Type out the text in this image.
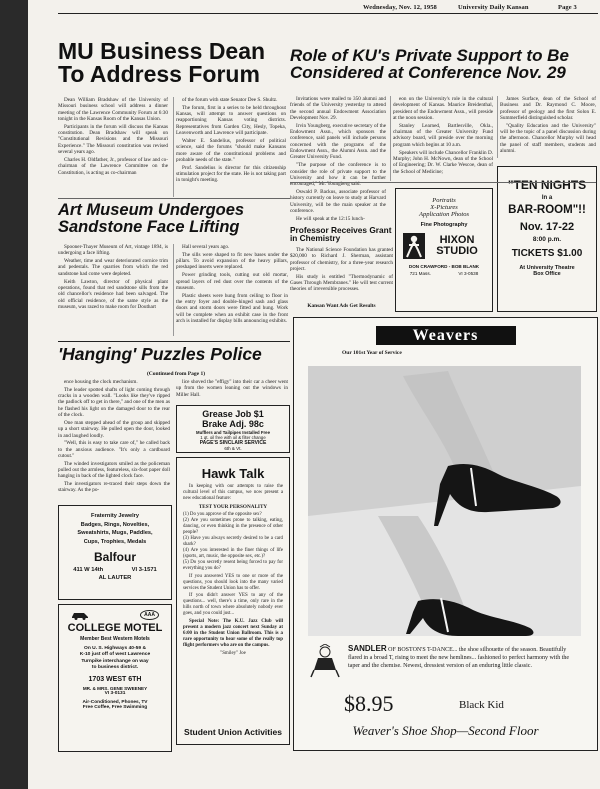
Wednesday, Nov. 12, 1958	University Daily Kansan	Page 3
MU Business Dean To Address Forum

Dean William Bradshaw of the University of Missouri business school will address a dinner meeting of the Lawrence Community Forum at 6:30 tonight in the Kansas Room of the Kansas Union.

Participants in the forum will discuss the Kansas constitution. Dean Bradshaw will speak on "Constitutional Revisions and the Missouri Experience." The Missouri constitution was revised several years ago.

Charles H. Oldfather, Jr., professor of law and co-chairman of the Lawrence Committee on the Constitution, is acting as co-chairman

of the forum with state Senator Dee S. Shultz.

The forum, first in a series to be held throughout Kansas, will attempt to answer questions on reapportioning Kansas voting districts. Representatives from Garden City, Hesly, Topeka, Leavenworth and Lawrence will participate.

Walter E. Sandelius, professor of political science, said the forums "should make Kansans more aware of the constitutional problems and probable needs of the state."

Prof. Sandelius is director for this citizenship stimulation project for the state. He is not taking part in tonight's meeting.

Role of KU's Private Support to Be Considered at Conference Nov. 29

Invitations were mailed to 350 alumni and friends of the University yesterday to attend the second annual Endowment Association Development Nov. 29.

Irvin Youngberg, executive secretary of the Endowment Assn., which sponsors the conference, said panels will include persons concerned with the programs of the Endowment Assn., the Alumni Assn. and the Greater University Fund.

"The purpose of the conference is to consider the role of private support to the University and how it can be further encouraged," Mr. Youngberg said.

Oswald P. Backus, associate professor of history currently on leave to study at Harvard University, will be the main speaker at the conference.

He will speak at the 12:15 lunch-

eon on the University's role in the cultural development of Kansas. Maurice Breidenthal, president of the Endowment Assn., will preside at the noon session.

Stanley Learned, Bartlesville, Okla., chairman of the Greater University Fund advisory board, will preside over the morning program which begins at 10 a.m.

Speakers will include Chancellor Franklin D. Murphy; John H. McNown, dean of the School of Engineering; Dr. W. Clarke Wescoe, dean of the School of Medicine;

James Surface, dean of the School of Business and Dr. Raymond C. Moore, professor of geology and the first Solon E. Summerfield distinguished scholar.

"Quality Education and the University" will be the topic of a panel discussion during the afternoon. Chancellor Murphy will head the panel of staff members, students and alumni.

Art Museum Undergoes Sandstone Face Lifting

Spooner-Thayer Museum of Art, vintage 1894, is undergoing a face lifting.

Weather, time and wear deteriorated cornice trim and pedestals. The quarries from which the red sandstone had come were depleted.

Keith Lawton, director of physical plant operations, found that red sandstone sills from the old chancellor's residence had been salvaged. The old official residence, of the same style as the museum, was razed to make room for Douthart

Hall several years ago.

The sills were shaped to fit new bases under the pillars. To avoid expansion of the heavy pillars, preshaped inserts were replaced.

Power grinding tools, cutting out old mortar, spread layers of red dust over the contents of the museum.

Plastic sheets were hung from ceiling to floor in the entry foyer and double-hinged sash and glass doors and storm doors were fitted and hung. Work will be complete when an exhibit case in the front arch is installed for display bills announcing exhibits.

Professor Receives Grant in Chemistry

The National Science Foundation has granted $20,000 to Richard J. Sherman, assistant professor of chemistry, for a three-year research project.

His study is entitled "Thermodynamic of Gases Through Membranes." He will test current theories of irreversible processes.

Kansan Want Ads Get Results
Portraits
X-Pictures
Application Photos
Fine Photography
HIXON STUDIO
DON CRAWFORD - BOB BLANK
721 Mass.	VI 3-0538
"TEN NIGHTS
In a
BAR-ROOM"!!
Nov. 17-22
8:00 p.m.
TICKETS $1.00
At University Theatre
Box Office
'Hanging' Puzzles Police
(Continued from Page 1)

ence housing the clock mechanism.

The leader spotted shafts of light coming through cracks in a wooden wall. "Looks like they've ripped the padlock off to get in there," and one of the men as he flashed his light on the damaged door to the rear of the clock.

One man stepped ahead of the group and skipped up a short stairway. He pulled open the door, looked in and laughed loudly.

"Well, this is easy to take care of," he called back to the anxious audience. "It's only a cardboard cutout."

The winded investigators smiled as the policeman pulled out the armless, featureless, six-foot paper doll hanging in back of the lighted clock face.

The investigators re-traced their steps down the stairway. As the po-

lice shoved the "effigy" into their car a cheer went up from the women leaning out the windows in Miller Hall.

Grease Job $1
Brake Adj. 98c
Mufflers and Tailpipes Installed Free
1 qt. oil free with oil & filter change
PAGE'S SINCLAIR SERVICE
6th & Vt.
Hawk Talk

In keeping with our attempts to raise the cultural level of this campus, we now present a new educational feature:

TEST YOUR PERSONALITY
(1) Do you approve of the opposite sex?
(2) Are you sometimes prone to talking, eating, dancing, or even thinking in the presence of other people?
(3) Have you always secretly desired to be a card shark?
(4) Are you interested in the finer things of life (sports, art, music, the opposite sex, etc.)?
(5) Do you secretly resent being forced to pay for everything you do?

If you answered YES to one or more of the questions, you should look into the many varied services the Student Union has to offer.

If you didn't answer YES to any of the questions... well, there's a time, only rare in the hills north of town where absolutely nobody ever goes, and you could just...

Special Note: The K.U. Jazz Club will present a modern jazz concert next Sunday at 6:00 in the Student Union Ballroom. This is a rare opportunity to hear some of the really top flight performers who are on the campus.

"Smiley" Joe
Student Union Activities
Fraternity Jewelry
Badges, Rings, Novelties,
Sweatshirts, Mugs, Paddles,
Cups, Trophies, Medals
Balfour
411 W 14th	VI 3-1571
AL LAUTER
AAA
COLLEGE MOTEL
Member Best Western Motels
On U. S. Highways 40-59 &
K-10 just off of west Lawrence
Turnpike interchange on way
to business district.
1703 WEST 6TH
MR. & MRS. GENE SWEENEY
VI 3-0131
Air-Conditioned, Phones, TV
Free Coffee, Free Swimming
Weavers
Our 101st Year of Service
SANDLER OF BOSTON'S T-DANCE... the shoe silhouette of the season. Beautifully flared in a broad T, rising to meet the new hemlines... fashioned to perfect harmony with the taper and the chemise. Newest, dressiest version of an enduring little classic.
$8.95	Black Kid
Weaver's Shoe Shop—Second Floor
